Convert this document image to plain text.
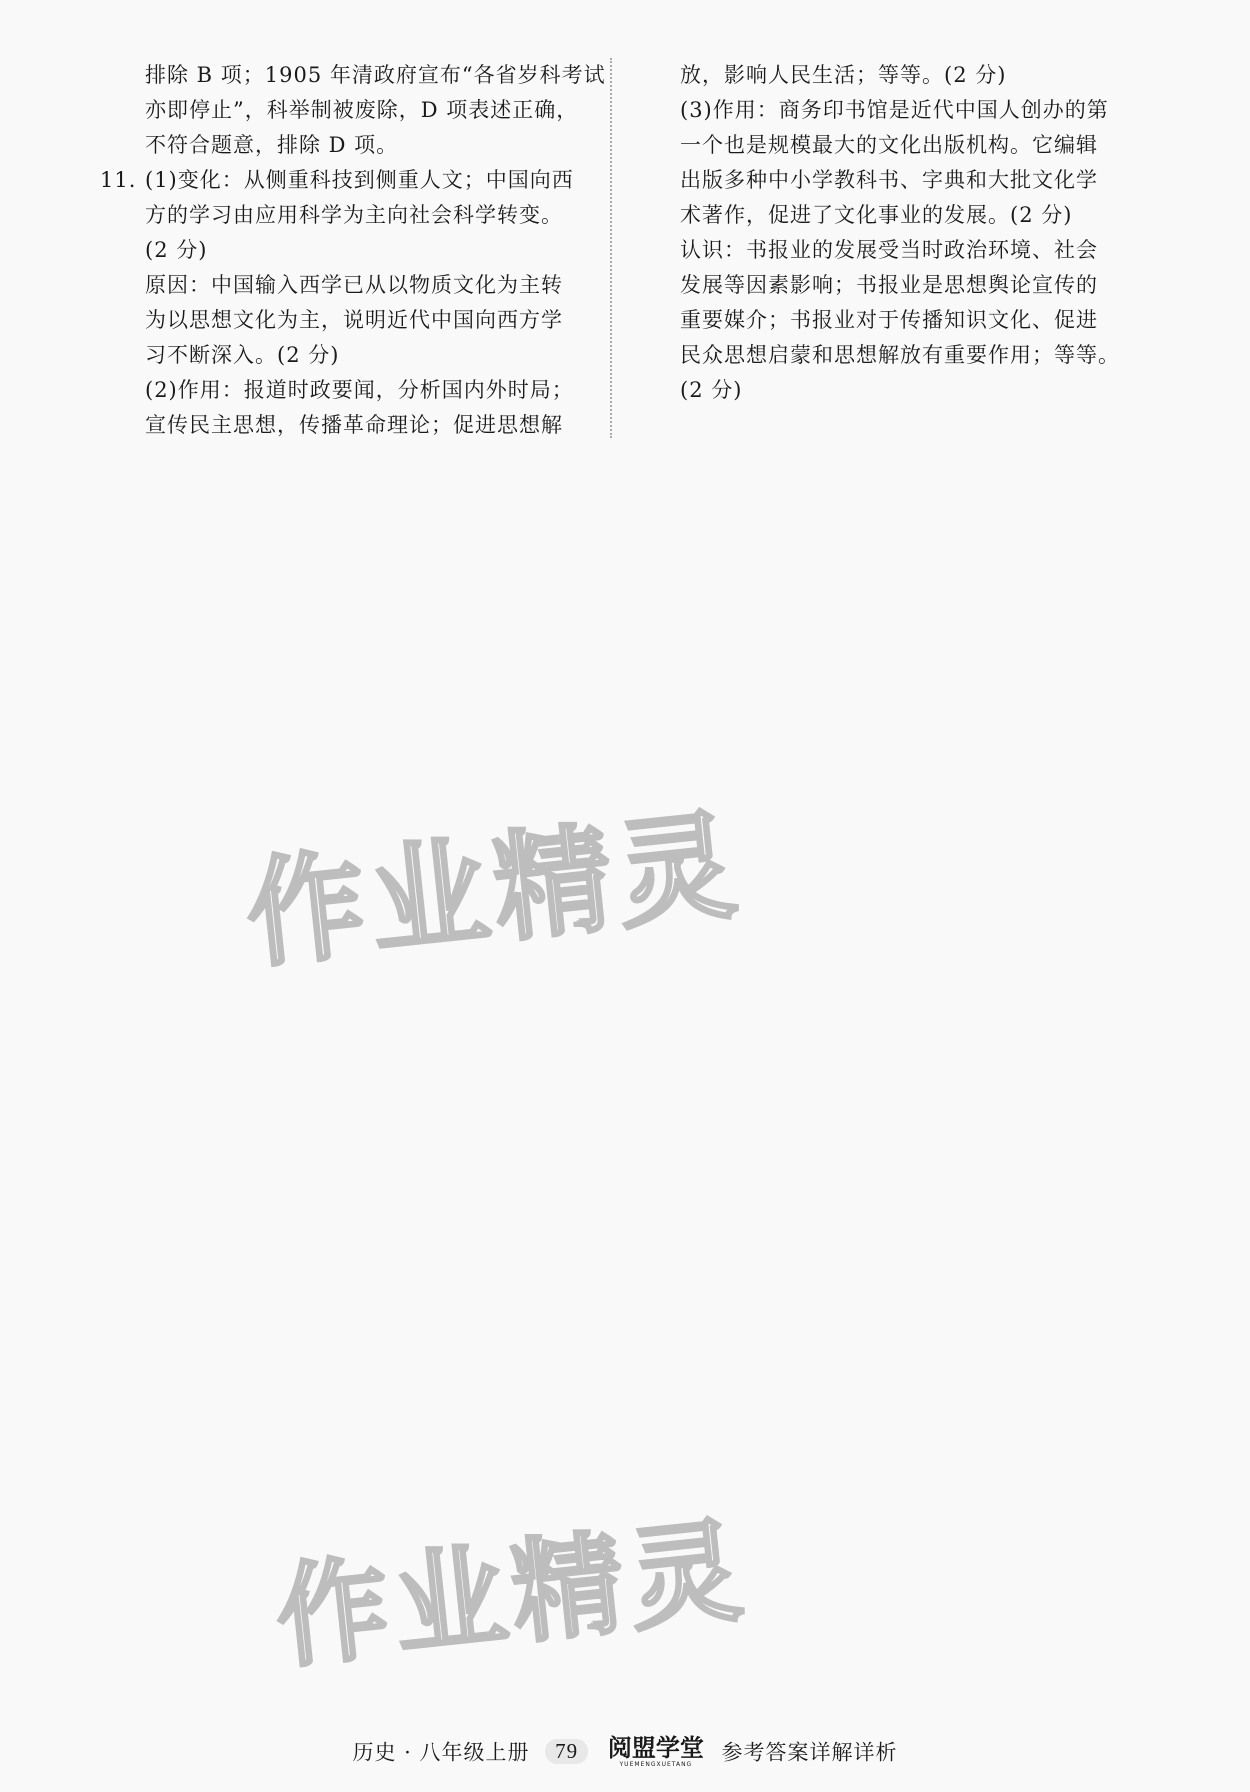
排除 B 项；1905 年清政府宣布“各省岁科考试
亦即停止”，科举制被废除，D 项表述正确，
不符合题意，排除 D 项。
11. (1)变化：从侧重科技到侧重人文；中国向西
方的学习由应用科学为主向社会科学转变。
(2 分)
原因：中国输入西学已从以物质文化为主转
为以思想文化为主，说明近代中国向西方学
习不断深入。(2 分)
(2)作用：报道时政要闻，分析国内外时局；
宣传民主思想，传播革命理论；促进思想解
放，影响人民生活；等等。(2 分)
(3)作用：商务印书馆是近代中国人创办的第
一个也是规模最大的文化出版机构。它编辑
出版多种中小学教科书、字典和大批文化学
术著作，促进了文化事业的发展。(2 分)
认识：书报业的发展受当时政治环境、社会
发展等因素影响；书报业是思想舆论宣传的
重要媒介；书报业对于传播知识文化、促进
民众思想启蒙和思想解放有重要作用；等等。
(2 分)
作业精灵
作业精灵
历史 · 八年级上册 79 阅盟学堂
YUEMENGXUETANG	参考答案详解详析
